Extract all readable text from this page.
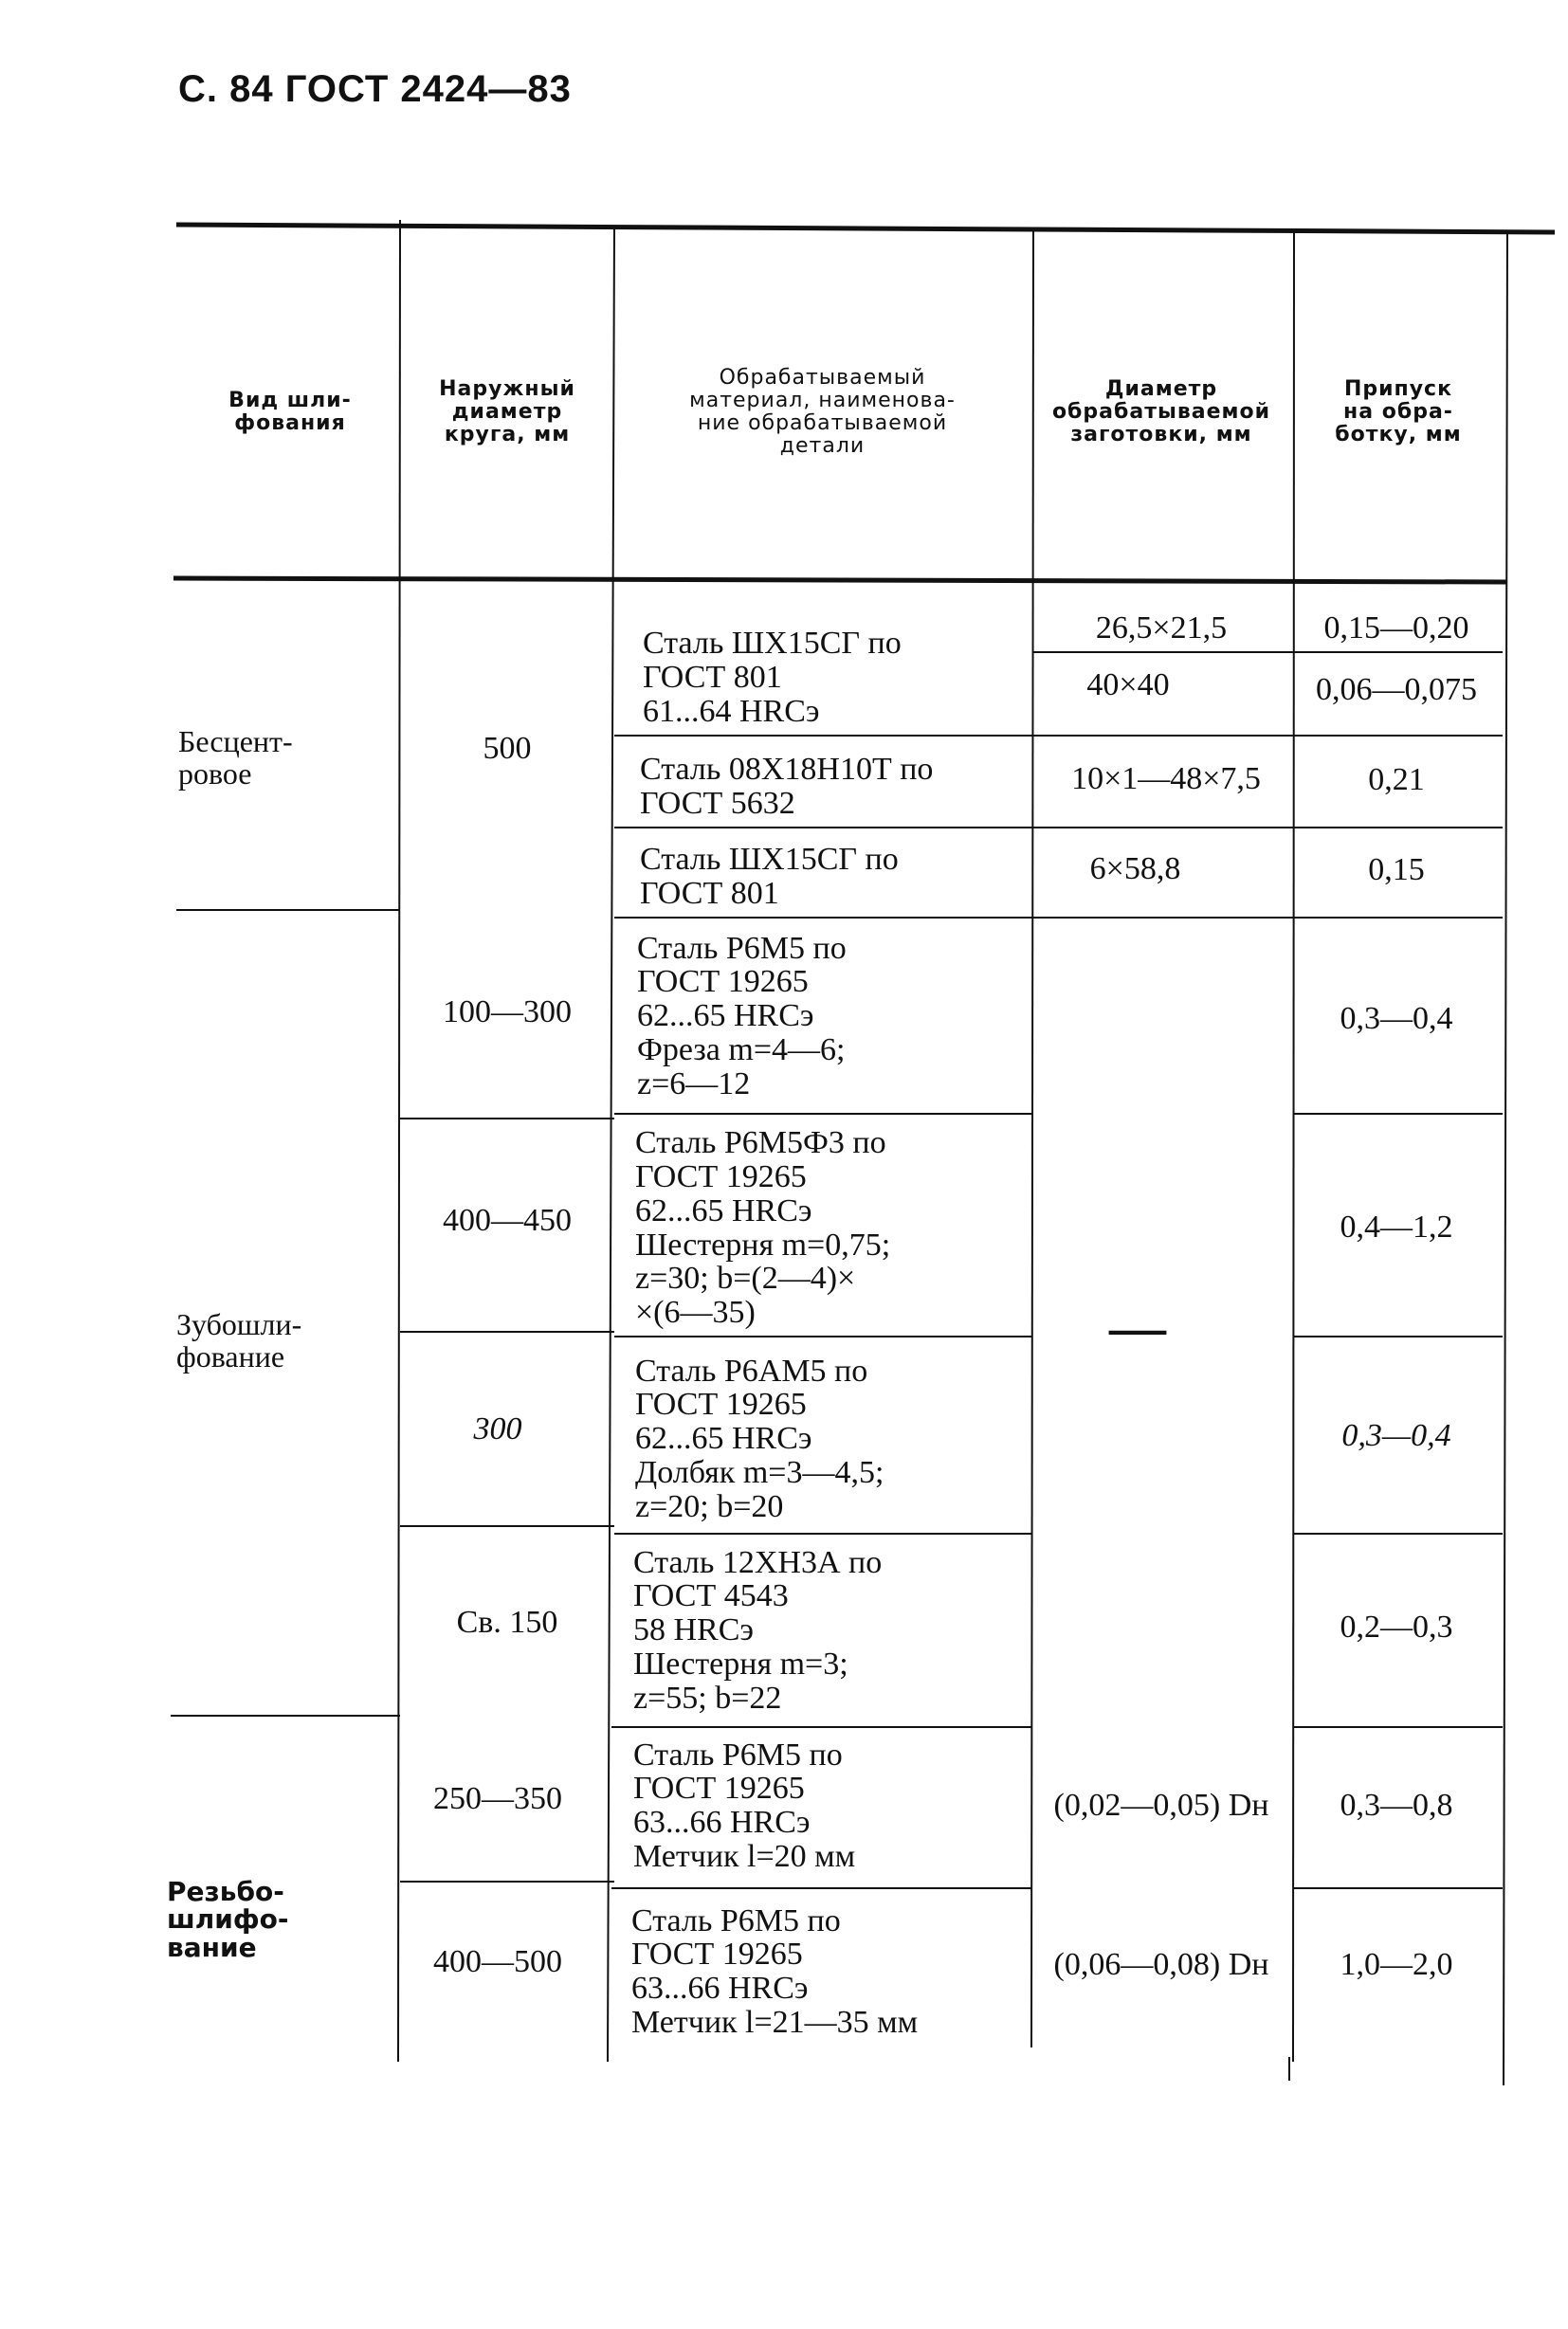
С. 84 ГОСТ 2424—83
Вид шли-
фования
Наружный
диаметр
круга, мм
Обрабатываемый
материал, наименова-
ние обрабатываемой
детали
Диаметр
обрабатываемой
заготовки, мм
Припуск
на обра-
ботку, мм
Бесцент-
ровое
500
Сталь ШХ15СГ по
ГОСТ 801
61...64 HRCэ
Сталь 08Х18Н10Т по
ГОСТ 5632
Сталь ШХ15СГ по
ГОСТ 801
26,5×21,5
40×40
10×1—48×7,5
6×58,8
0,15—0,20
0,06—0,075
0,21
0,15
Зубошли-
фование
100—300
400—450
300
Св. 150
Сталь Р6М5 по
ГОСТ 19265
62...65 HRCэ
Фреза m=4—6;
z=6—12
Сталь Р6М5Ф3 по
ГОСТ 19265
62...65 HRCэ
Шестерня m=0,75;
z=30; b=(2—4)×
×(6—35)
Сталь Р6АМ5 по
ГОСТ 19265
62...65 HRCэ
Долбяк m=3—4,5;
z=20; b=20
Сталь 12ХН3А по
ГОСТ 4543
58 HRCэ
Шестерня m=3;
z=55; b=22
—
0,3—0,4
0,4—1,2
0,3—0,4
0,2—0,3
Резьбо-
шлифо-
вание
250—350
400—500
Сталь Р6М5 по
ГОСТ 19265
63...66 HRCэ
Метчик l=20 мм
Сталь Р6М5 по
ГОСТ 19265
63...66 HRCэ
Метчик l=21—35 мм
(0,02—0,05) Dн
(0,06—0,08) Dн
0,3—0,8
1,0—2,0
